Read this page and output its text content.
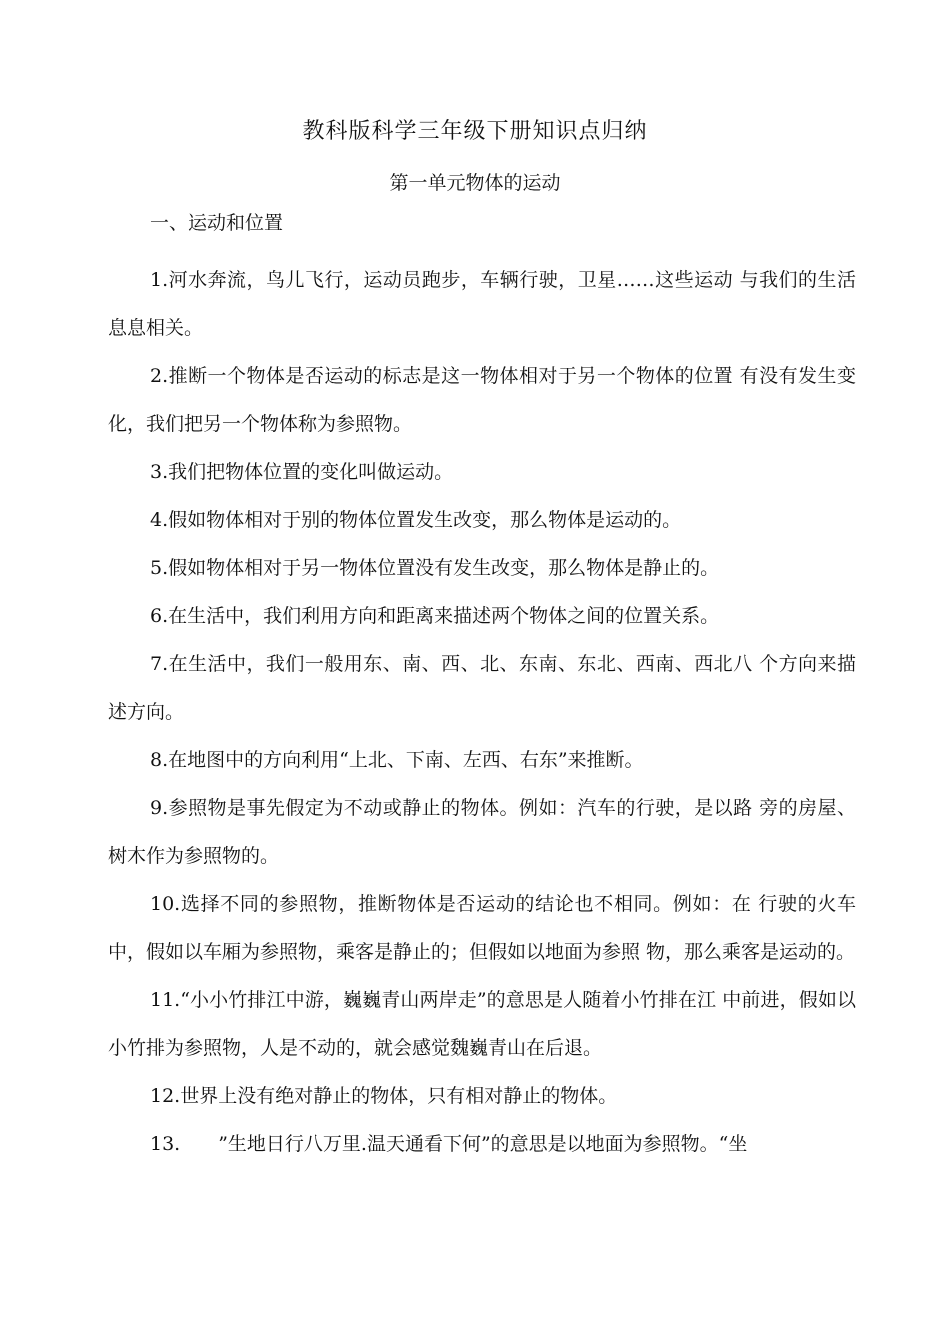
教科版科学三年级下册知识点归纳
第一单元物体的运动
一、运动和位置

1.河水奔流，鸟儿飞行，运动员跑步，车辆行驶，卫星……这些运动 与我们的生活息息相关。

2.推断一个物体是否运动的标志是这一物体相对于另一个物体的位置 有没有发生变化，我们把另一个物体称为参照物。

3.我们把物体位置的变化叫做运动。

4.假如物体相对于别的物体位置发生改变，那么物体是运动的。

5.假如物体相对于另一物体位置没有发生改变，那么物体是静止的。

6.在生活中，我们利用方向和距离来描述两个物体之间的位置关系。

7.在生活中，我们一般用东、南、西、北、东南、东北、西南、西北八 个方向来描述方向。

8.在地图中的方向利用“上北、下南、左西、右东”来推断。

9.参照物是事先假定为不动或静止的物体。例如：汽车的行驶，是以路 旁的房屋、树木作为参照物的。

10.选择不同的参照物，推断物体是否运动的结论也不相同。例如：在 行驶的火车中，假如以车厢为参照物，乘客是静止的；但假如以地面为参照 物，那么乘客是运动的。

11.“小小竹排江中游，巍巍青山两岸走”的意思是人随着小竹排在江 中前进，假如以小竹排为参照物，人是不动的，就会感觉魏巍青山在后退。

12.世界上没有绝对静止的物体，只有相对静止的物体。

13.　　”生地日行八万里.温天通看下何”的意思是以地面为参照物。“坐
